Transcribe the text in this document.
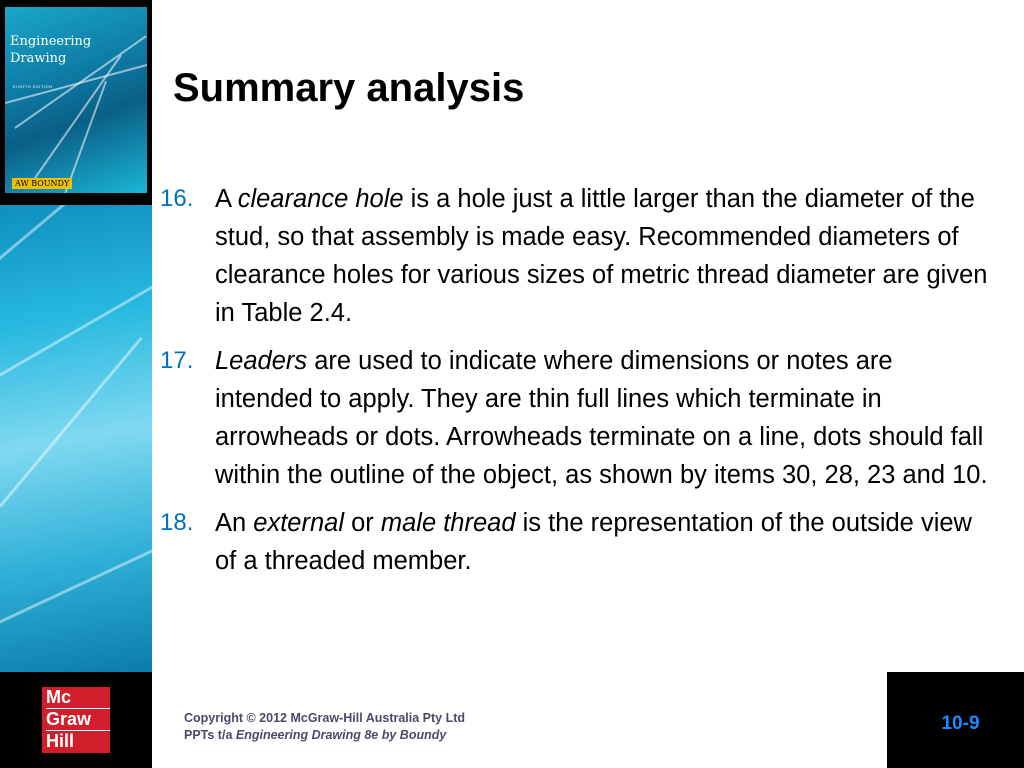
Engineering
Drawing
EIGHTH EDITION
AW BOUNDY
Summary analysis
16. A clearance hole is a hole just a little larger than the diameter of the stud, so that assembly is made easy. Recommended diameters of clearance holes for various sizes of metric thread diameter are given in Table 2.4.
17. Leaders are used to indicate where dimensions or notes are intended to apply. They are thin full lines which terminate in arrowheads or dots. Arrowheads terminate on a line, dots should fall within the outline of the object, as shown by items 30, 28, 23 and 10.
18. An external or male thread is the representation of the outside view of a threaded member.
Mc
Graw
Hill
Copyright © 2012 McGraw-Hill Australia Pty Ltd
PPTs t/a Engineering Drawing 8e by Boundy
10-9
